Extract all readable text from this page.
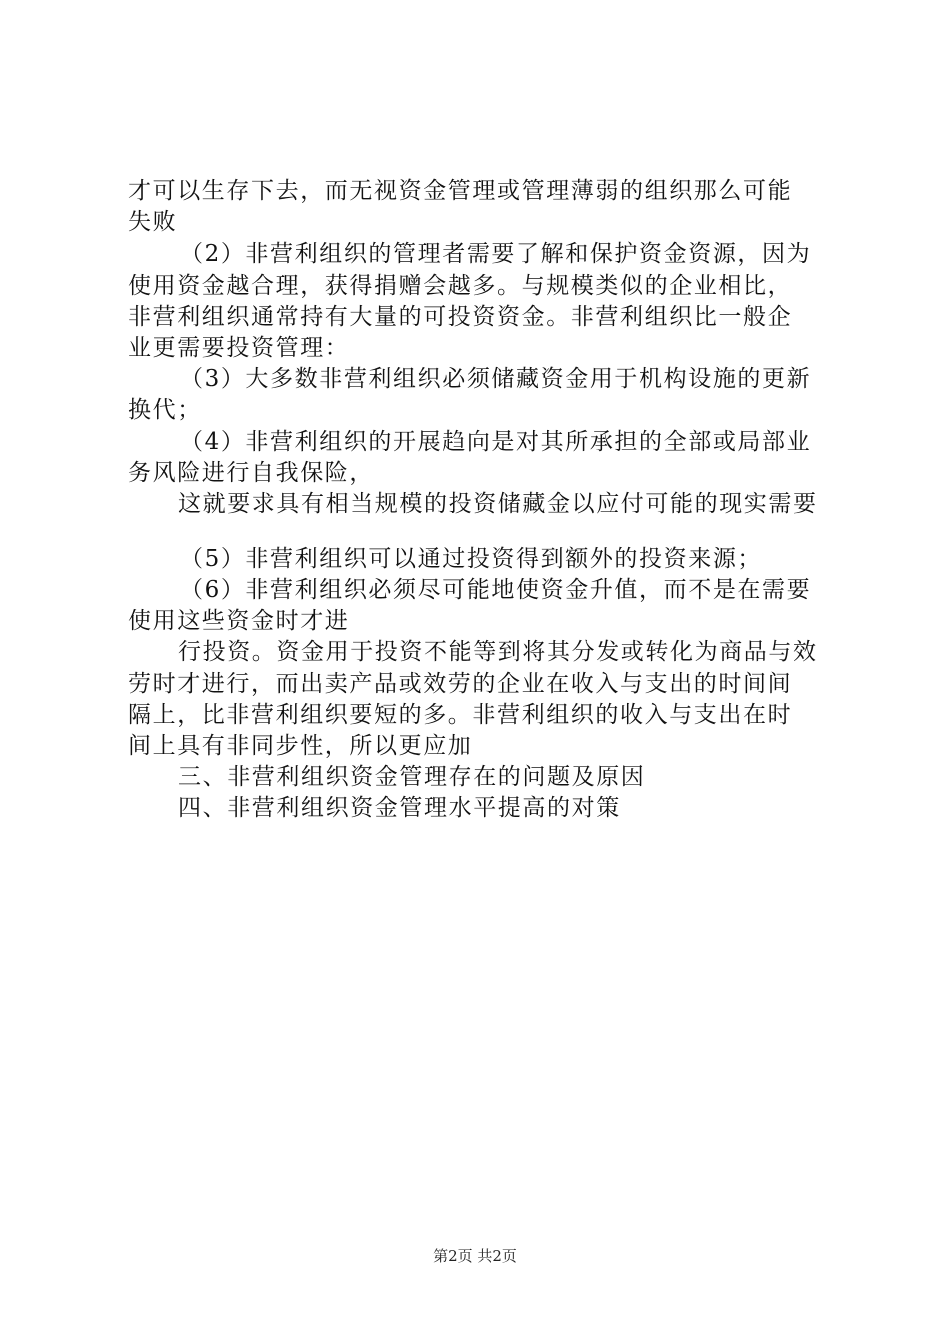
才可以生存下去，而无视资金管理或管理薄弱的组织那么可能

失败

（2）非营利组织的管理者需要了解和保护资金资源，因为

使用资金越合理，获得捐赠会越多。与规模类似的企业相比，

非营利组织通常持有大量的可投资资金。非营利组织比一般企

业更需要投资管理：

（3）大多数非营利组织必须储藏资金用于机构设施的更新

换代；

（4）非营利组织的开展趋向是对其所承担的全部或局部业

务风险进行自我保险，

这就要求具有相当规模的投资储藏金以应付可能的现实需要

（5）非营利组织可以通过投资得到额外的投资来源；

（6）非营利组织必须尽可能地使资金升值，而不是在需要

使用这些资金时才进

行投资。资金用于投资不能等到将其分发或转化为商品与效

劳时才进行，而出卖产品或效劳的企业在收入与支出的时间间

隔上，比非营利组织要短的多。非营利组织的收入与支出在时

间上具有非同步性，所以更应加

三、非营利组织资金管理存在的问题及原因

四、非营利组织资金管理水平提高的对策

第2页 共2页
